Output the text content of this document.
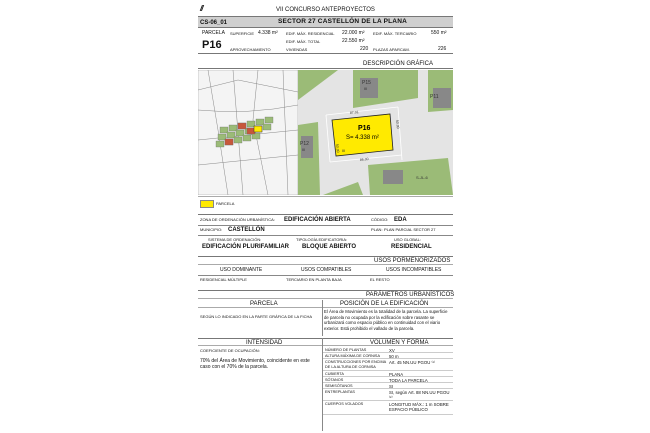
//	VII CONCURSO ANTEPROYECTOS
CS-06_01	SECTOR 27 CASTELLÓN DE LA PLANA
PARCELA
P16
SUPERFICIE 4.338 m² EDIF. MÁX. RESIDENCIAL 22.000 m² EDIF. MÁX. TERCIARIO	550 m²
EDIF. MÁX. TOTAL	22.550 m²
APROVECHAMIENTO	VIVIENDAS	220 PLAZAS APARCAM.	226
DESCRIPCIÓN GRÁFICA
P16
S= 4.338 m²
P15
III
P11
P12
III
S-JL-6
87.01
50.00
86.00
50.00
III
PARCELA
ZONA DE ORDENACIÓN URBANÍSTICA: EDIFICACIÓN ABIERTA	CÓDIGO: EDA
MUNICIPIO: CASTELLÓN	PLAN: PLAN PARCIAL SECTOR 27
SISTEMA DE ORDENACIÓN:
EDIFICACIÓN PLURIFAMILIAR
TIPOLOGÍA EDIFICATORIA:
BLOQUE ABIERTO
USO GLOBAL:
RESIDENCIAL
USOS PORMENORIZADOS
USO DOMINANTE	USOS COMPATIBLES	USOS INCOMPATIBLES
RESIDENCIAL MÚLTIPLE	TERCIARIO EN PLANTA BAJA	EL RESTO
PARÁMETROS URBANÍSTICOS
PARCELA	POSICIÓN DE LA EDIFICACIÓN
SEGÚN LO INDICADO EN LA PARTE GRÁFICA DE LA FICHA
El Área de Movimiento es la totalidad de la parcela. La superficie de parcela no ocupada por la edificación sobre rasante se urbanizará como espacio público en continuidad con el viario exterior. Está prohibido el vallado de la parcela.
INTENSIDAD	VOLUMEN Y FORMA
COEFICIENTE DE OCUPACIÓN:
70% del Área de Movimiento, coincidente en este caso con el 70% de la parcela.
NÚMERO DE PLANTAS	XV
ALTURA MÁXIMA DE CORNISA	50 m
CONSTRUCCIONES POR ENCIMA DE LA ALTURA DE CORNISA
Art. 45 NN.UU PGOU ⁽¹⁾
CUBIERTA	PLANA
SÓTANOS	TODA LA PARCELA
SEMISÓTANOS	SI
ENTREPLANTAS	SI, según Art. 88 NN.UU PGOU ⁽²⁾
CUERPOS VOLADOS	LONGITUD MÁX.: 1 m SOBRE ESPACIO PÚBLICO
